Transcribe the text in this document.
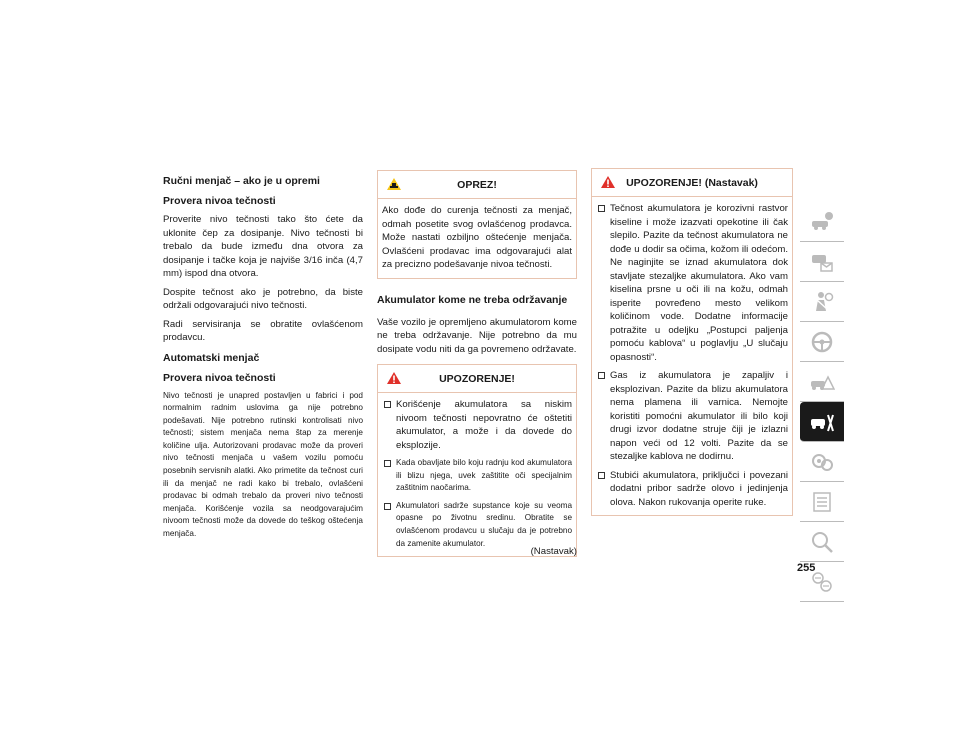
Ručni menjač – ako je u opremi
Provera nivoa tečnosti

Proverite nivo tečnosti tako što ćete da uklonite čep za dosipanje. Nivo tečnosti bi trebalo da bude između dna otvora za dosipanje i tačke koja je najviše 3/16 inča (4,7 mm) ispod dna otvora.

Dospite tečnost ako je potrebno, da biste održali odgovarajući nivo tečnosti.

Radi servisiranja se obratite ovlašćenom prodavcu.

Automatski menjač
Provera nivoa tečnosti

Nivo tečnosti je unapred postavljen u fabrici i pod normalnim radnim uslovima ga nije potrebno podešavati. Nije potrebno rutinski kontrolisati nivo tečnosti; sistem menjača nema štap za merenje količine ulja. Autorizovani prodavac može da proveri nivo tečnosti menjača u vašem vozilu pomoću posebnih servisnih alatki. Ako primetite da tečnost curi ili da menjač ne radi kako bi trebalo, ovlašćeni prodavac bi odmah trebalo da proveri nivo tečnosti menjača. Korišćenje vozila sa neodgovarajućim nivoom tečnosti može da dovede do teškog oštećenja menjača.

OPREZ!

Ako dođe do curenja tečnosti za menjač, odmah posetite svog ovlašćenog prodavca. Može nastati ozbiljno oštećenje menjača. Ovlašćeni prodavac ima odgovarajući alat za precizno podešavanje nivoa tečnosti.

Akumulator kome ne treba održavanje

Vaše vozilo je opremljeno akumulatorom kome ne treba održavanje. Nije potrebno da mu dosipate vodu niti da ga povremeno održavate.

UPOZORENJE!
Korišćenje akumulatora sa niskim nivoom tečnosti nepovratno će oštetiti akumulator, a može i da dovede do eksplozije.
Kada obavljate bilo koju radnju kod akumulatora ili blizu njega, uvek zaštitite oči specijalnim zaštitnim naočarima.
Akumulatori sadrže supstance koje su veoma opasne po životnu sredinu. Obratite se ovlašćenom prodavcu u slučaju da je potrebno da zamenite akumulator.
(Nastavak)
UPOZORENJE! (Nastavak)
Tečnost akumulatora je korozivni rastvor kiseline i može izazvati opekotine ili čak slepilo. Pazite da tečnost akumulatora ne dođe u dodir sa očima, kožom ili odećom. Ne naginjite se iznad akumulatora dok stavljate stezaljke akumulatora. Ako vam kiselina prsne u oči ili na kožu, odmah isperite povređeno mesto velikom količinom vode. Dodatne informacije potražite u odeljku „Postupci paljenja pomoću kablova“ u poglavlju „U slučaju opasnosti“.
Gas iz akumulatora je zapaljiv i eksplozivan. Pazite da blizu akumulatora nema plamena ili varnica. Nemojte koristiti pomoćni akumulator ili bilo koji drugi izvor dodatne struje čiji je izlazni napon veći od 12 volti. Pazite da se stezaljke kablova ne dodirnu.
Stubići akumulatora, priključci i povezani dodatni pribor sadrže olovo i jedinjenja olova. Nakon rukovanja operite ruke.
255
